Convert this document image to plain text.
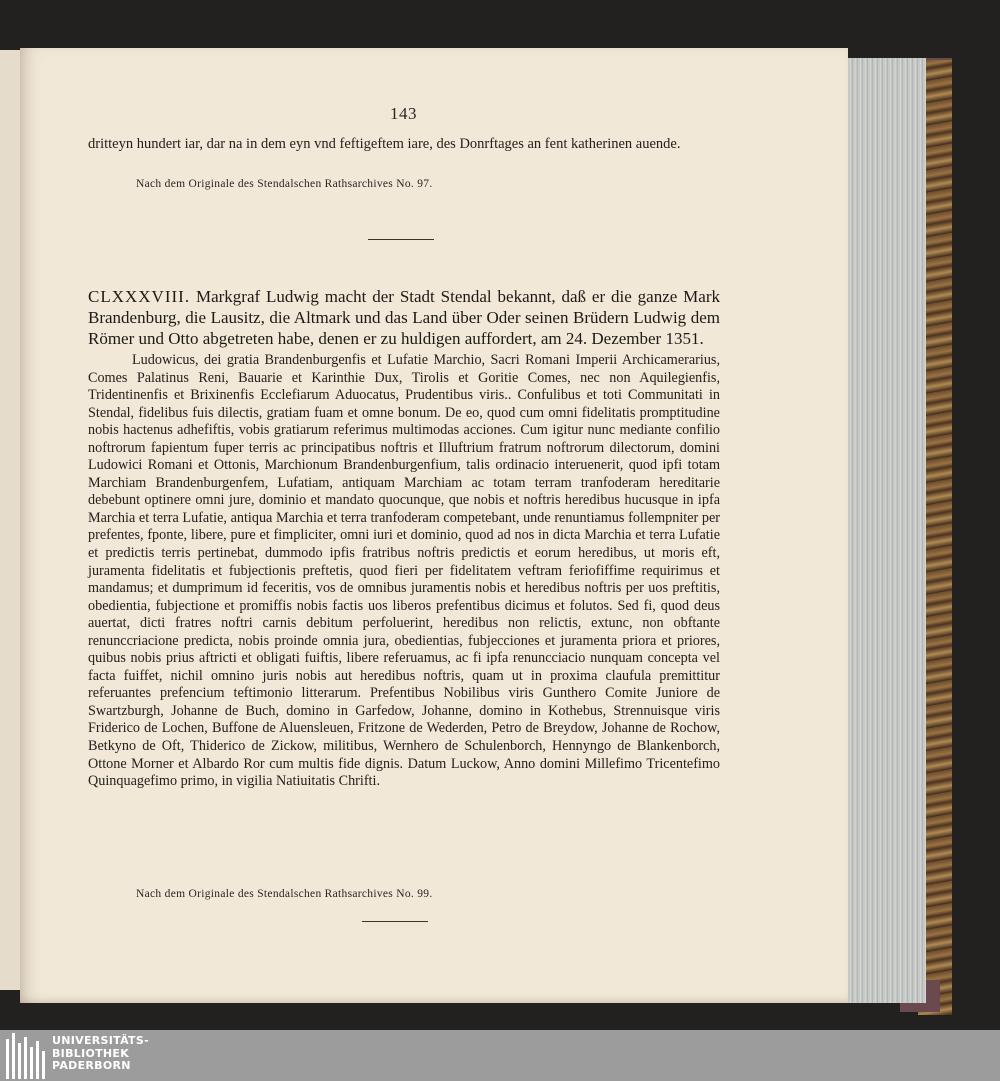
143

dritteyn hundert iar, dar na in dem eyn vnd feftigeftem iare, des Donrftages an fent katherinen auende.

Nach dem Originale des Stendalschen Rathsarchives No. 97.

CLXXXVIII. Markgraf Ludwig macht der Stadt Stendal bekannt, daß er die ganze Mark Brandenburg, die Lausitz, die Altmark und das Land über Oder seinen Brüdern Ludwig dem Römer und Otto abgetreten habe, denen er zu huldigen auffordert, am 24. Dezember 1351.

Ludowicus, dei gratia Brandenburgenfis et Lufatie Marchio, Sacri Romani Imperii Archicamerarius, Comes Palatinus Reni, Bauarie et Karinthie Dux, Tirolis et Goritie Comes, nec non Aquilegienfis, Tridentinenfis et Brixinenfis Ecclefiarum Aduocatus, Prudentibus viris.. Confulibus et toti Communitati in Stendal, fidelibus fuis dilectis, gratiam fuam et omne bonum. De eo, quod cum omni fidelitatis promptitudine nobis hactenus adhefiftis, vobis gratiarum referimus multimodas acciones. Cum igitur nunc mediante confilio noftrorum fapientum fuper terris ac principatibus noftris et Illuftrium fratrum noftrorum dilectorum, domini Ludowici Romani et Ottonis, Marchionum Brandenburgenfium, talis ordinacio interuenerit, quod ipfi totam Marchiam Brandenburgenfem, Lufatiam, antiquam Marchiam ac totam terram tranfoderam hereditarie debebunt optinere omni jure, dominio et mandato quocunque, que nobis et noftris heredibus hucusque in ipfa Marchia et terra Lufatie, antiqua Marchia et terra tranfoderam competebant, unde renuntiamus follempniter per prefentes, fponte, libere, pure et fimpliciter, omni iuri et dominio, quod ad nos in dicta Marchia et terra Lufatie et predictis terris pertinebat, dummodo ipfis fratribus noftris predictis et eorum heredibus, ut moris eft, juramenta fidelitatis et fubjectionis preftetis, quod fieri per fidelitatem veftram feriofiffime requirimus et mandamus; et dumprimum id feceritis, vos de omnibus juramentis nobis et heredibus noftris per uos preftitis, obedientia, fubjectione et promiffis nobis factis uos liberos prefentibus dicimus et folutos. Sed fi, quod deus auertat, dicti fratres noftri carnis debitum perfoluerint, heredibus non relictis, extunc, non obftante renunccriacione predicta, nobis proinde omnia jura, obedientias, fubjecciones et juramenta priora et priores, quibus nobis prius aftricti et obligati fuiftis, libere referuamus, ac fi ipfa renuncciacio nunquam concepta vel facta fuiffet, nichil omnino juris nobis aut heredibus noftris, quam ut in proxima claufula premittitur referuantes prefencium teftimonio litterarum. Prefentibus Nobilibus viris Gunthero Comite Juniore de Swartzburgh, Johanne de Buch, domino in Garfedow, Johanne, domino in Kothebus, Strennuisque viris Friderico de Lochen, Buffone de Aluensleuen, Fritzone de Wederden, Petro de Breydow, Johanne de Rochow, Betkyno de Oft, Thiderico de Zickow, militibus, Wernhero de Schulenborch, Hennyngo de Blankenborch, Ottone Morner et Albardo Ror cum multis fide dignis. Datum Luckow, Anno domini Millefimo Tricentefimo Quinquagefimo primo, in vigilia Natiuitatis Chrifti.

Nach dem Originale des Stendalschen Rathsarchives No. 99.
UNIVERSITÄTS-
BIBLIOTHEK
PADERBORN
